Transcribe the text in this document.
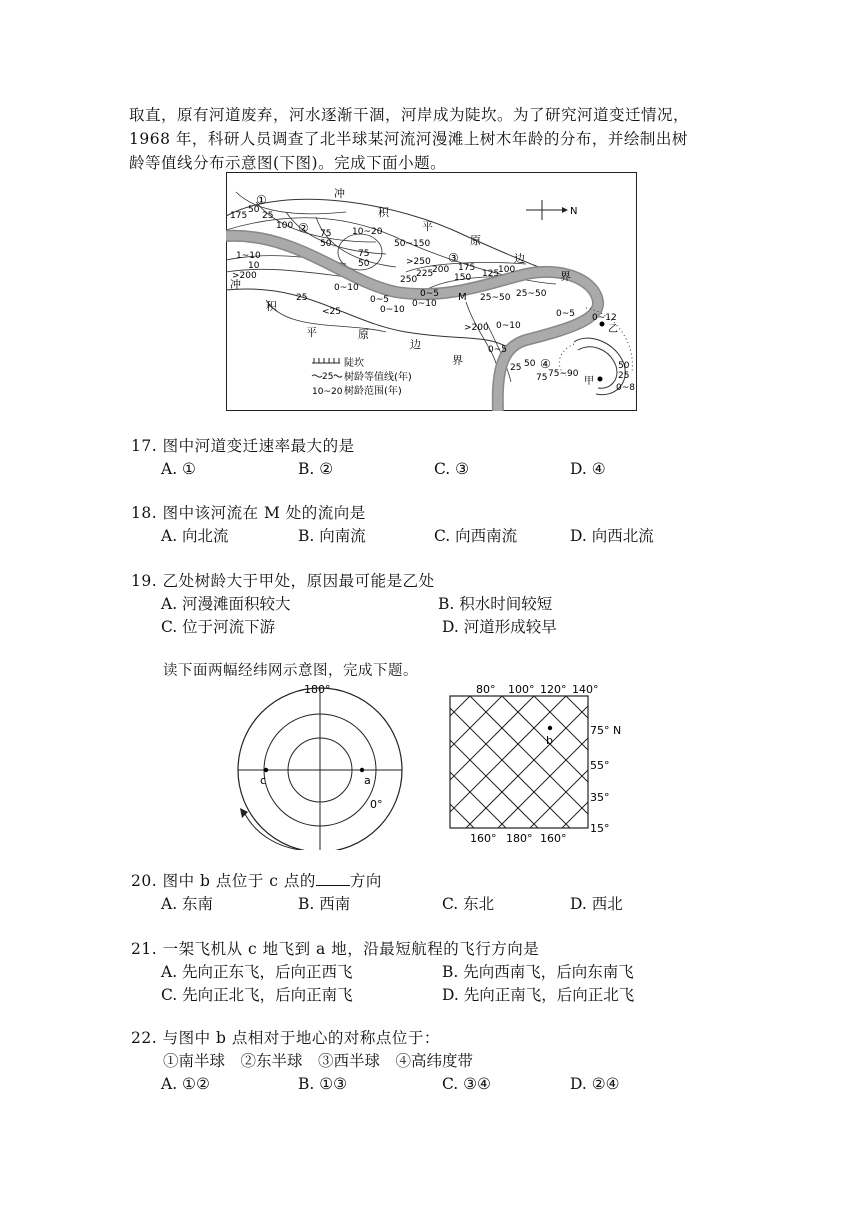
取直，原有河道废弃，河水逐渐干涸，河岸成为陡坎。为了研究河道变迁情况，
1968 年，科研人员调查了北半球某河流河漫滩上树木年龄的分布，并绘制出树
龄等值线分布示意图(下图)。完成下面小题。
N
冲
积
平
原
边
界
冲
积
平	原
边
界
①
②
③
④
M
甲
乙
175
50
25
100
75
50
10~20
75
50
50~150
>250
250
225
200 175
150 125
100
1~10
10
>200
0~10
25
<25
0~5
0~10
0~5
0~10
25~50 25~50
>200 0~10
0~5 0~12
50
25
0~8
0~5
25 50
75 75~90
陡坎
25 树龄等值线(年)
10~20 树龄范围(年)
17. 图中河道变迁速率最大的是
A. ①	B. ②	C. ③	D. ④
18. 图中该河流在 M 处的流向是
A. 向北流	B. 向南流	C. 向西南流	D. 向西北流
19. 乙处树龄大于甲处，原因最可能是乙处
A. 河漫滩面积较大	B. 积水时间较短
C. 位于河流下游	D. 河道形成较早
读下面两幅经纬网示意图，完成下题。
180°
c	a
0°
80° 100° 120° 140°
b
75° N
55°
35°
15°
160° 180° 160°
20. 图中 b 点位于 c 点的 方向
A. 东南	B. 西南	C. 东北	D. 西北
21. 一架飞机从 c 地飞到 a 地，沿最短航程的飞行方向是
A. 先向正东飞，后向正西飞	B. 先向西南飞，后向东南飞
C. 先向正北飞，后向正南飞	D. 先向正南飞，后向正北飞
22. 与图中 b 点相对于地心的对称点位于：
①南半球　②东半球　③西半球　④高纬度带
A. ①②	B. ①③	C. ③④	D. ②④
